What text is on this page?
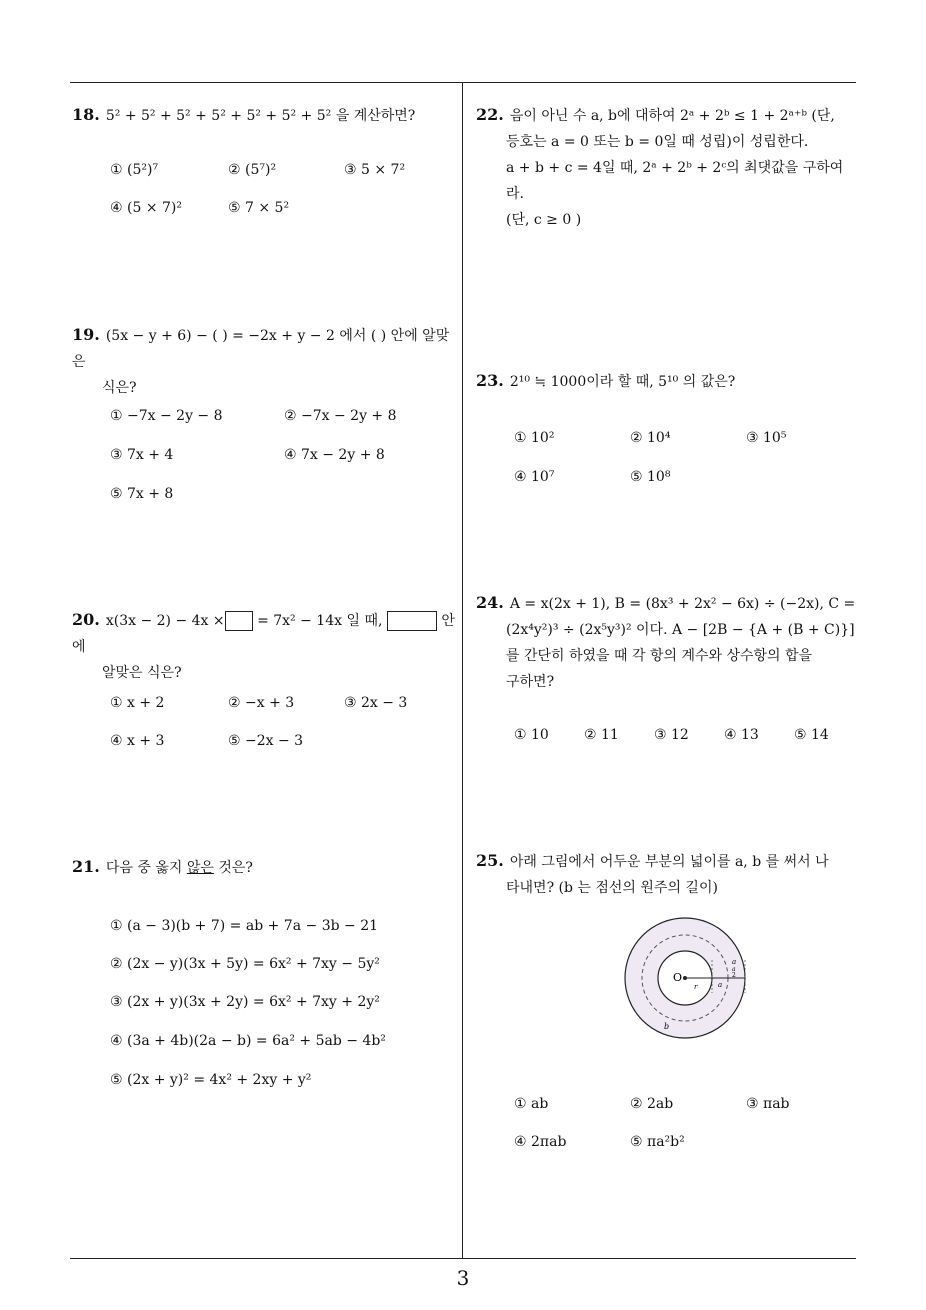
3
18. 5² + 5² + 5² + 5² + 5² + 5² + 5² 을 계산하면?
① (5²)⁷	② (5⁷)²	③ 5 × 7²
④ (5 × 7)²	⑤ 7 × 5²
19. (5x − y + 6) − ( ) = −2x + y − 2 에서 ( ) 안에 알맞은
식은?
① −7x − 2y − 8	② −7x − 2y + 8
③ 7x + 4	④ 7x − 2y + 8
⑤ 7x + 8
20. x(3x − 2) − 4x × = 7x² − 14x 일 때,	안에
알맞은 식은?
① x + 2	② −x + 3	③ 2x − 3
④ x + 3	⑤ −2x − 3
21. 다음 중 옳지 않은 것은?
① (a − 3)(b + 7) = ab + 7a − 3b − 21
② (2x − y)(3x + 5y) = 6x² + 7xy − 5y²
③ (2x + y)(3x + 2y) = 6x² + 7xy + 2y²
④ (3a + 4b)(2a − b) = 6a² + 5ab − 4b²
⑤ (2x + y)² = 4x² + 2xy + y²
22. 음이 아닌 수 a, b에 대하여 2ᵃ + 2ᵇ ≤ 1 + 2ᵃ⁺ᵇ (단,
등호는 a = 0 또는 b = 0일 때 성립)이 성립한다.
a + b + c = 4일 때, 2ᵃ + 2ᵇ + 2ᶜ의 최댓값을 구하여라.
(단, c ≥ 0 )
23. 2¹⁰ ≒ 1000이라 할 때, 5¹⁰ 의 값은?
① 10²	② 10⁴	③ 10⁵
④ 10⁷	⑤ 10⁸
24. A = x(2x + 1), B = (8x³ + 2x² − 6x) ÷ (−2x), C =
(2x⁴y²)³ ÷ (2x⁵y³)² 이다. A − [2B − {A + (B + C)}]
를 간단히 하였을 때 각 항의 계수와 상수항의 합을
구하면?
① 10	② 11	③ 12	④ 13	⑤ 14
25. 아래 그림에서 어두운 부분의 넓이를 a, b 를 써서 나
타내면? (b 는 점선의 원주의 길이)
O
r
a
a
2
a
b
① ab	② 2ab	③ πab
④ 2πab	⑤ πa²b²
